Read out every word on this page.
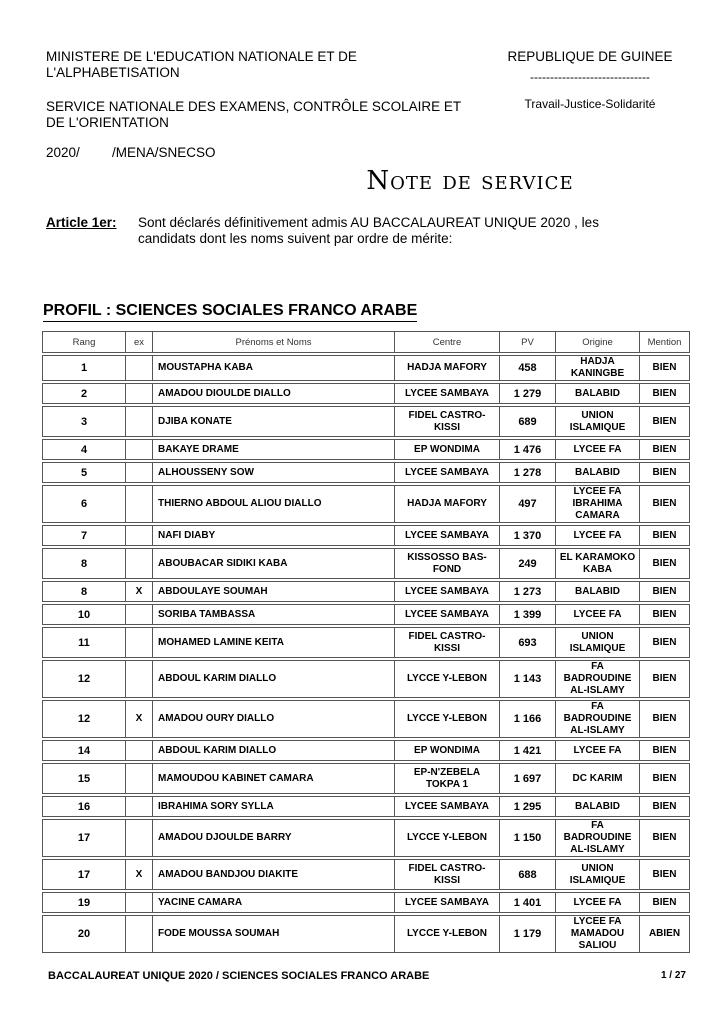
MINISTERE DE L'EDUCATION NATIONALE ET DE L'ALPHABETISATION

SERVICE NATIONALE DES EXAMENS, CONTRÔLE SCOLAIRE ET DE L'ORIENTATION

2020/ /MENA/SNECSO

REPUBLIQUE DE GUINEE
------------------------------
Travail-Justice-Solidarité
Note de service
Article 1er: Sont déclarés définitivement admis AU BACCALAUREAT UNIQUE 2020 , les candidats dont les noms suivent par ordre de mérite:
PROFIL : SCIENCES SOCIALES FRANCO ARABE
Rang	ex	Prénoms et Noms	Centre	PV	Origine	Mention

1		MOUSTAPHA KABA	HADJA MAFORY	458	HADJA KANINGBE	BIEN

2		AMADOU DIOULDE DIALLO	LYCEE SAMBAYA	1 279	BALABID	BIEN

3		DJIBA KONATE	FIDEL CASTRO-KISSI	689	UNION ISLAMIQUE	BIEN

4		BAKAYE DRAME	EP WONDIMA	1 476	LYCEE FA	BIEN

5		ALHOUSSENY SOW	LYCEE SAMBAYA	1 278	BALABID	BIEN

6		THIERNO ABDOUL ALIOU DIALLO	HADJA MAFORY	497	LYCEE FA IBRAHIMA CAMARA	BIEN

7		NAFI DIABY	LYCEE SAMBAYA	1 370	LYCEE FA	BIEN

8		ABOUBACAR SIDIKI KABA	KISSOSSO BAS-FOND	249	EL KARAMOKO KABA	BIEN

8	X	ABDOULAYE SOUMAH	LYCEE SAMBAYA	1 273	BALABID	BIEN

10		SORIBA TAMBASSA	LYCEE SAMBAYA	1 399	LYCEE FA	BIEN

11		MOHAMED LAMINE KEITA	FIDEL CASTRO-KISSI	693	UNION ISLAMIQUE	BIEN

12		ABDOUL KARIM DIALLO	LYCCE Y-LEBON	1 143	FA BADROUDINE AL-ISLAMY	BIEN

12	X	AMADOU OURY DIALLO	LYCCE Y-LEBON	1 166	FA BADROUDINE AL-ISLAMY	BIEN

14		ABDOUL KARIM DIALLO	EP WONDIMA	1 421	LYCEE FA	BIEN

15		MAMOUDOU KABINET CAMARA	EP-N'ZEBELA TOKPA 1	1 697	DC KARIM	BIEN

16		IBRAHIMA SORY SYLLA	LYCEE SAMBAYA	1 295	BALABID	BIEN

17		AMADOU DJOULDE BARRY	LYCCE Y-LEBON	1 150	FA BADROUDINE AL-ISLAMY	BIEN

17	X	AMADOU BANDJOU DIAKITE	FIDEL CASTRO-KISSI	688	UNION ISLAMIQUE	BIEN

19		YACINE CAMARA	LYCEE SAMBAYA	1 401	LYCEE FA	BIEN

20		FODE MOUSSA SOUMAH	LYCCE Y-LEBON	1 179	LYCEE FA MAMADOU SALIOU	ABIEN
BACCALAUREAT UNIQUE 2020 / SCIENCES SOCIALES FRANCO ARABE	1 / 27
